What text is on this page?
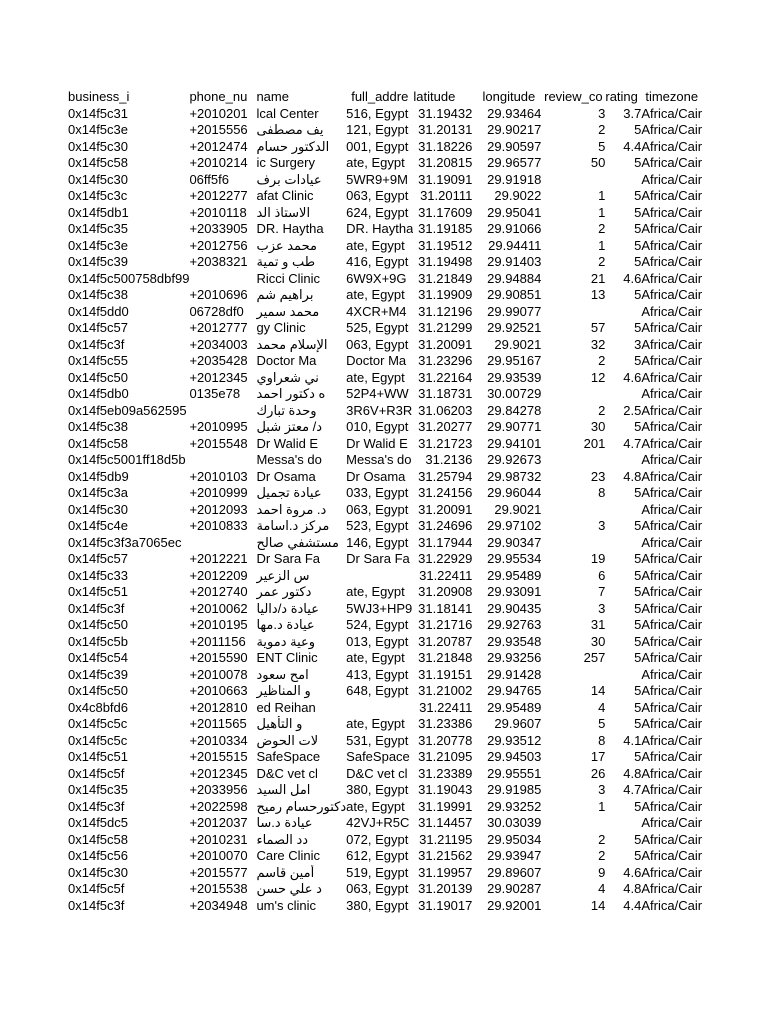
business_i	phone_nu	name	full_addre	latitude	longitude	review_co	rating	timezone
0x14f5c31	+2010201	lcal Center	516, Egypt	31.19432	29.93464	3	3.7	Africa/Cair
0x14f5c3e	+2015556	يف مصطفى	121, Egypt	31.20131	29.90217	2	5	Africa/Cair
0x14f5c30	+2012474	الدكتور حسام	001, Egypt	31.18226	29.90597	5	4.4	Africa/Cair
0x14f5c58	+2010214	ic Surgery	ate, Egypt	31.20815	29.96577	50	5	Africa/Cair
0x14f5c30	06ff5f6	عيادات برف	5WR9+9M	31.19091	29.91918			Africa/Cair
0x14f5c3c	+2012277	afat Clinic	063, Egypt	31.20111	29.9022	1	5	Africa/Cair
0x14f5db1	+2010118	الاستاذ الد	624, Egypt	31.17609	29.95041	1	5	Africa/Cair
0x14f5c35	+2033905	DR. Haytha	DR. Haytha	31.19185	29.91066	2	5	Africa/Cair
0x14f5c3e	+2012756	محمد عزب	ate, Egypt	31.19512	29.94411	1	5	Africa/Cair
0x14f5c39	+2038321	طب و تمية	416, Egypt	31.19498	29.91403	2	5	Africa/Cair
0x14f5c500758dbf99		Ricci Clinic	6W9X+9G	31.21849	29.94884	21	4.6	Africa/Cair
0x14f5c38	+2010696	براهيم شم	ate, Egypt	31.19909	29.90851	13	5	Africa/Cair
0x14f5dd0	06728df0	محمد سمير	4XCR+M4	31.12196	29.99077			Africa/Cair
0x14f5c57	+2012777	gy Clinic	525, Egypt	31.21299	29.92521	57	5	Africa/Cair
0x14f5c3f	+2034003	الإسلام محمد	063, Egypt	31.20091	29.9021	32	3	Africa/Cair
0x14f5c55	+2035428	Doctor Ma	Doctor Ma	31.23296	29.95167	2	5	Africa/Cair
0x14f5c50	+2012345	ني شعراوي	ate, Egypt	31.22164	29.93539	12	4.6	Africa/Cair
0x14f5db0	0135e78	ه دكتور احمد	52P4+WW	31.18731	30.00729			Africa/Cair
0x14f5eb09a562595		وحدة تبارك	3R6V+R3R	31.06203	29.84278	2	2.5	Africa/Cair
0x14f5c38	+2010995	د/ معتز شبل	010, Egypt	31.20277	29.90771	30	5	Africa/Cair
0x14f5c58	+2015548	Dr Walid E	Dr Walid E	31.21723	29.94101	201	4.7	Africa/Cair
0x14f5c5001ff18d5b		Messa's do	Messa's do	31.2136	29.92673			Africa/Cair
0x14f5db9	+2010103	Dr Osama	Dr Osama	31.25794	29.98732	23	4.8	Africa/Cair
0x14f5c3a	+2010999	عيادة تجميل	033, Egypt	31.24156	29.96044	8	5	Africa/Cair
0x14f5c30	+2012093	د. مروة احمد	063, Egypt	31.20091	29.9021			Africa/Cair
0x14f5c4e	+2010833	مركز د.اسامة	523, Egypt	31.24696	29.97102	3	5	Africa/Cair
0x14f5c3f3a7065ec		مستشفي صالح	146, Egypt	31.17944	29.90347			Africa/Cair
0x14f5c57	+2012221	Dr Sara Fa	Dr Sara Fa	31.22929	29.95534	19	5	Africa/Cair
0x14f5c33	+2012209	س الزعير		31.22411	29.95489	6	5	Africa/Cair
0x14f5c51	+2012740	دكتور عمر	ate, Egypt	31.20908	29.93091	7	5	Africa/Cair
0x14f5c3f	+2010062	عيادة د/داليا	5WJ3+HP9	31.18141	29.90435	3	5	Africa/Cair
0x14f5c50	+2010195	عيادة د.مها	524, Egypt	31.21716	29.92763	31	5	Africa/Cair
0x14f5c5b	+2011156	وعية دموية	013, Egypt	31.20787	29.93548	30	5	Africa/Cair
0x14f5c54	+2015590	ENT Clinic	ate, Egypt	31.21848	29.93256	257	5	Africa/Cair
0x14f5c39	+2010078	امح سعود	413, Egypt	31.19151	29.91428			Africa/Cair
0x14f5c50	+2010663	و المناظير	648, Egypt	31.21002	29.94765	14	5	Africa/Cair
0x4c8bfd6	+2012810	ed Reihan		31.22411	29.95489	4	5	Africa/Cair
0x14f5c5c	+2011565	و التأهيل	ate, Egypt	31.23386	29.9607	5	5	Africa/Cair
0x14f5c5c	+2010334	لات الحوض	531, Egypt	31.20778	29.93512	8	4.1	Africa/Cair
0x14f5c51	+2015515	SafeSpace	SafeSpace	31.21095	29.94503	17	5	Africa/Cair
0x14f5c5f	+2012345	D&C vet cl	D&C vet cl	31.23389	29.95551	26	4.8	Africa/Cair
0x14f5c35	+2033956	امل السيد	380, Egypt	31.19043	29.91985	3	4.7	Africa/Cair
0x14f5c3f	+2022598	دكتورحسام رميح	ate, Egypt	31.19991	29.93252	1	5	Africa/Cair
0x14f5dc5	+2012037	عيادة د.سا	42VJ+R5C	31.14457	30.03039			Africa/Cair
0x14f5c58	+2010231	دد الصماء	072, Egypt	31.21195	29.95034	2	5	Africa/Cair
0x14f5c56	+2010070	Care Clinic	612, Egypt	31.21562	29.93947	2	5	Africa/Cair
0x14f5c30	+2015577	أمين قاسم	519, Egypt	31.19957	29.89607	9	4.6	Africa/Cair
0x14f5c5f	+2015538	د علي حسن	063, Egypt	31.20139	29.90287	4	4.8	Africa/Cair
0x14f5c3f	+2034948	um's clinic	380, Egypt	31.19017	29.92001	14	4.4	Africa/Cair
